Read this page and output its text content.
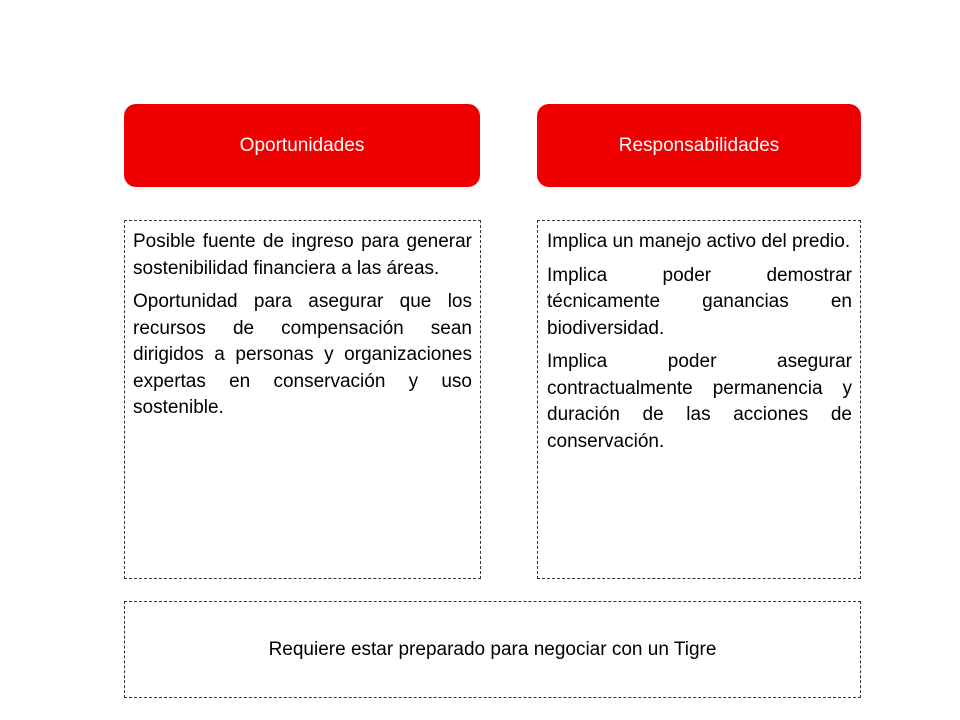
Oportunidades	Responsabilidades

Posible fuente de ingreso para generar sostenibilidad financiera a las áreas.

Oportunidad para asegurar que los recursos de compensación sean dirigidos a personas y organizaciones expertas en conservación y uso sostenible.

Implica un manejo activo del predio.

Implica poder demostrar técnicamente ganancias en biodiversidad.

Implica poder asegurar contractualmente permanencia y duración de las acciones de conservación.

Requiere estar preparado para negociar con un Tigre
